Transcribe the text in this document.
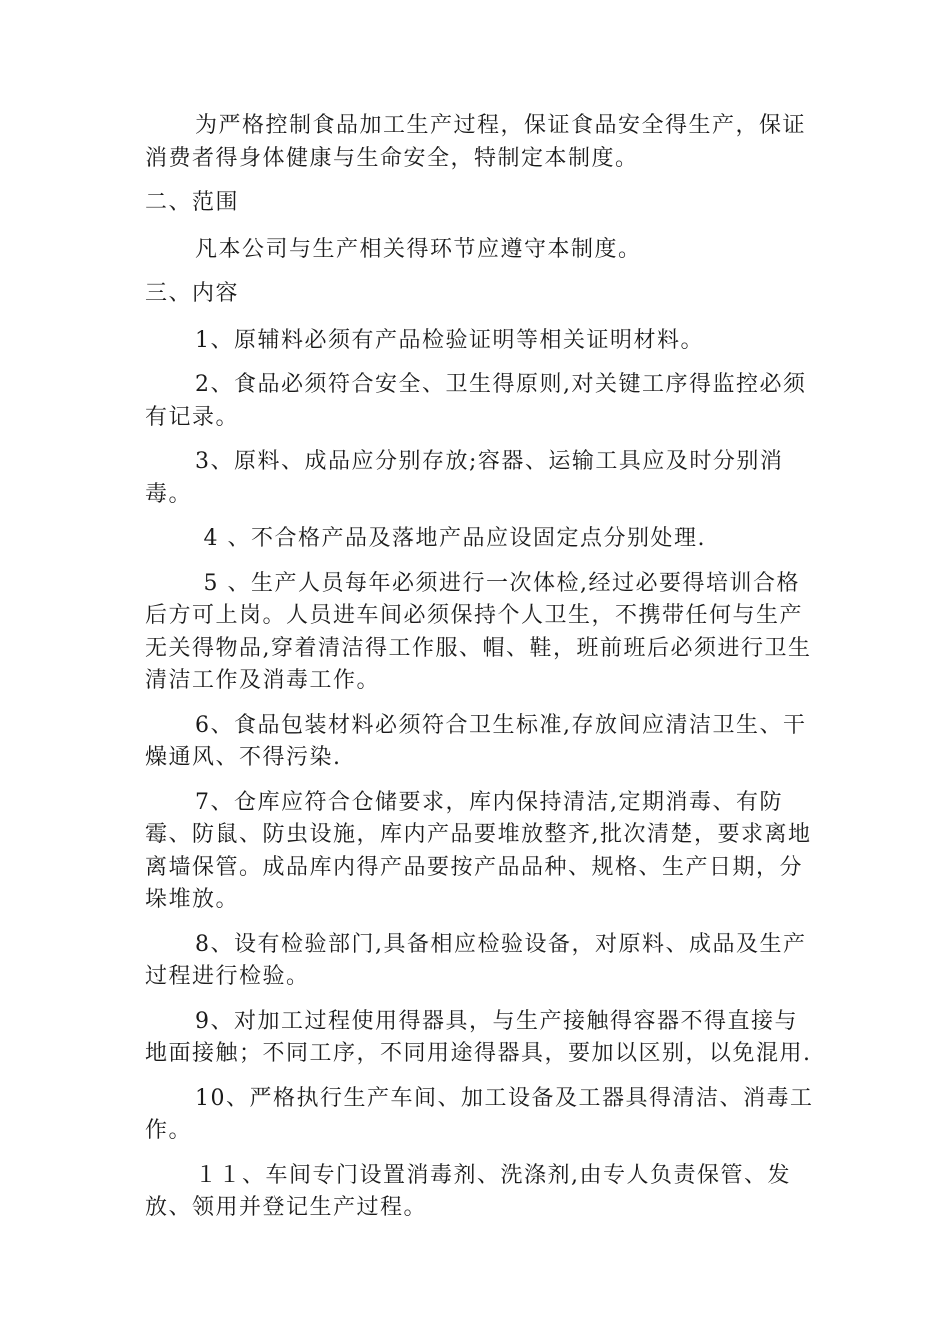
为严格控制食品加工生产过程，保证食品安全得生产，保证消费者得身体健康与生命安全，特制定本制度。

二、范围

凡本公司与生产相关得环节应遵守本制度。

三、内容

1、原辅料必须有产品检验证明等相关证明材料。

2、食品必须符合安全、卫生得原则,对关键工序得监控必须有记录。

3、原料、成品应分别存放;容器、运输工具应及时分别消毒。

4 、不合格产品及落地产品应设固定点分别处理.

5 、生产人员每年必须进行一次体检,经过必要得培训合格后方可上岗。人员进车间必须保持个人卫生，不携带任何与生产无关得物品,穿着清洁得工作服、帽、鞋，班前班后必须进行卫生清洁工作及消毒工作。

6、食品包装材料必须符合卫生标准,存放间应清洁卫生、干燥通风、不得污染.

7、仓库应符合仓储要求，库内保持清洁,定期消毒、有防霉、防鼠、防虫设施，库内产品要堆放整齐,批次清楚，要求离地离墙保管。成品库内得产品要按产品品种、规格、生产日期，分垛堆放。

8、设有检验部门,具备相应检验设备，对原料、成品及生产过程进行检验。

9、对加工过程使用得器具，与生产接触得容器不得直接与地面接触；不同工序，不同用途得器具，要加以区别，以免混用.

10、严格执行生产车间、加工设备及工器具得清洁、消毒工作。

１１、车间专门设置消毒剂、洗涤剂,由专人负责保管、发放、领用并登记生产过程。
